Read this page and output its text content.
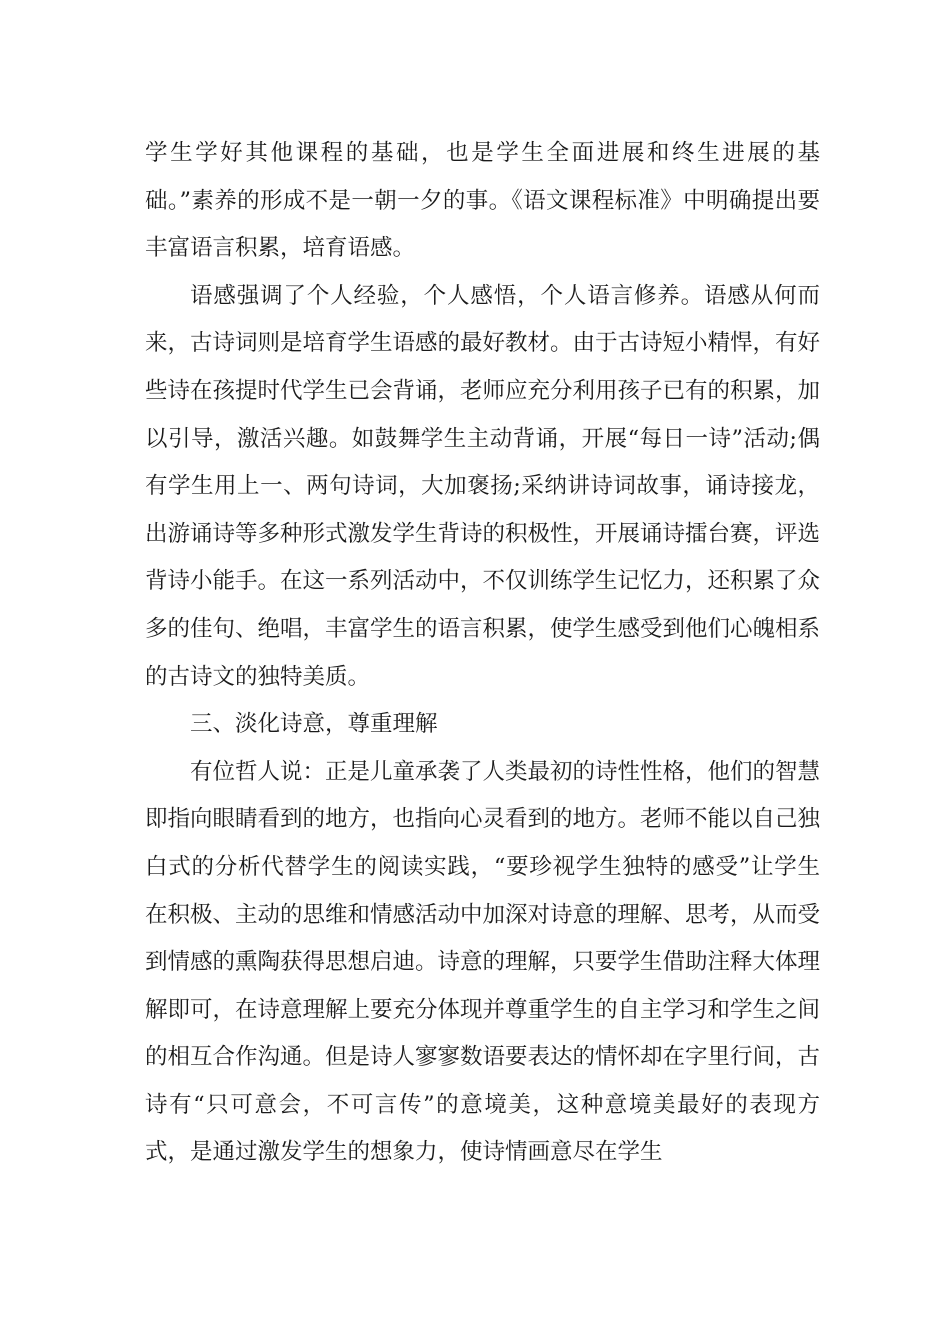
学生学好其他课程的基础，也是学生全面进展和终生进展的基础。”素养的形成不是一朝一夕的事。《语文课程标准》中明确提出要丰富语言积累，培育语感。

语感强调了个人经验，个人感悟，个人语言修养。语感从何而来，古诗词则是培育学生语感的最好教材。由于古诗短小精悍，有好些诗在孩提时代学生已会背诵，老师应充分利用孩子已有的积累，加以引导，激活兴趣。如鼓舞学生主动背诵，开展“每日一诗”活动;偶有学生用上一、两句诗词，大加褒扬;采纳讲诗词故事，诵诗接龙，出游诵诗等多种形式激发学生背诗的积极性，开展诵诗擂台赛，评选背诗小能手。在这一系列活动中，不仅训练学生记忆力，还积累了众多的佳句、绝唱，丰富学生的语言积累，使学生感受到他们心魄相系的古诗文的独特美质。

三、淡化诗意，尊重理解

有位哲人说：正是儿童承袭了人类最初的诗性性格，他们的智慧即指向眼睛看到的地方，也指向心灵看到的地方。老师不能以自己独白式的分析代替学生的阅读实践，“要珍视学生独特的感受”让学生在积极、主动的思维和情感活动中加深对诗意的理解、思考，从而受到情感的熏陶获得思想启迪。诗意的理解，只要学生借助注释大体理解即可，在诗意理解上要充分体现并尊重学生的自主学习和学生之间的相互合作沟通。但是诗人寥寥数语要表达的情怀却在字里行间，古诗有“只可意会，不可言传”的意境美，这种意境美最好的表现方式，是通过激发学生的想象力，使诗情画意尽在学生
